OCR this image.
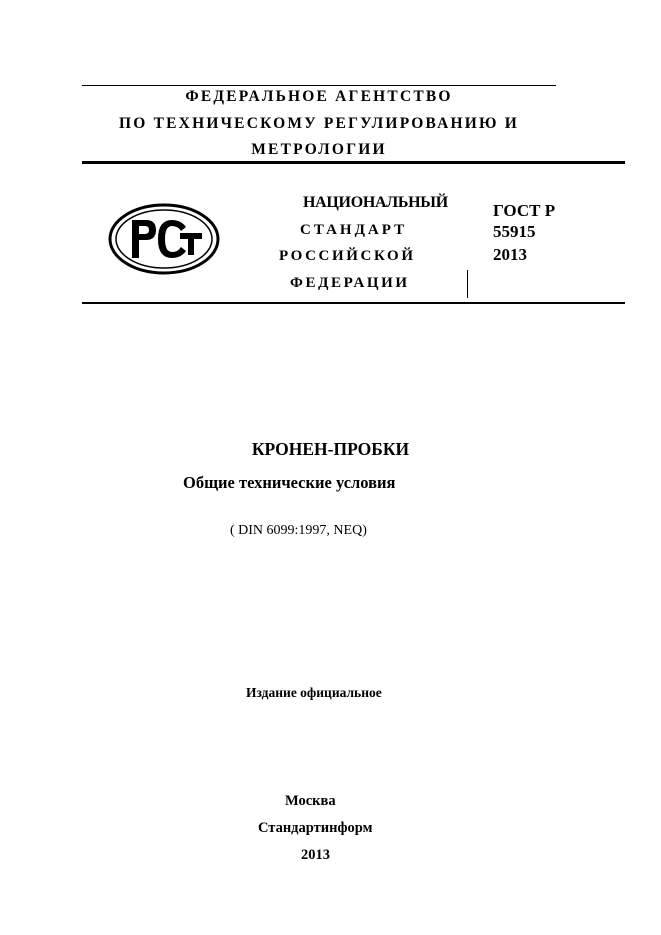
ФЕДЕРАЛЬНОЕ АГЕНТСТВО
ПО ТЕХНИЧЕСКОМУ РЕГУЛИРОВАНИЮ И
МЕТРОЛОГИИ
НАЦИОНАЛЬНЫЙ
СТАНДАРТ
РОССИЙСКОЙ
ФЕДЕРАЦИИ
ГОСТ Р
55915
2013
КРОНЕН-ПРОБКИ
Общие технические условия
( DIN 6099:1997, NEQ)
Издание официальное
Москва
Стандартинформ
2013
